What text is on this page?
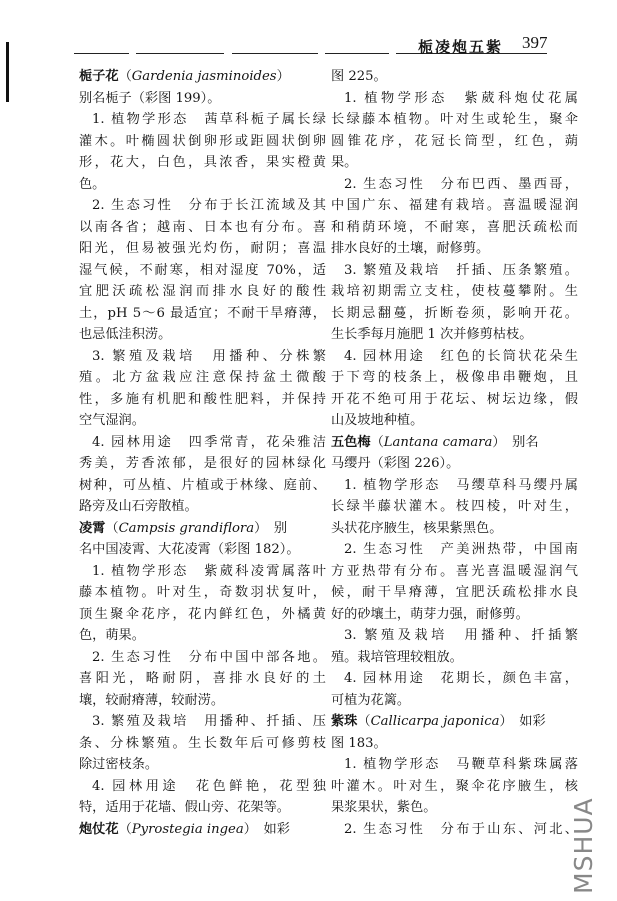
栀凌炮五紫 397
栀子花（Gardenia jasminoides）
别名栀子（彩图 199）。
1. 植物学形态　茜草科栀子属长绿
灌木。叶椭圆状倒卵形或距圆状倒卵
形，花大，白色，具浓香，果实橙黄
色。
2. 生态习性　分布于长江流域及其
以南各省；越南、日本也有分布。喜
阳光，但易被强光灼伤，耐阴；喜温
湿气候，不耐寒，相对湿度 70%，适
宜肥沃疏松湿润而排水良好的酸性
土，pH 5～6 最适宜；不耐干旱瘠薄，
也忌低洼积涝。
3. 繁殖及栽培　用播种、分株繁
殖。北方盆栽应注意保持盆土微酸
性，多施有机肥和酸性肥料，并保持
空气湿润。
4. 园林用途　四季常青，花朵雅洁
秀美，芳香浓郁，是很好的园林绿化
树种，可丛植、片植或于林缘、庭前、
路旁及山石旁散植。
凌霄（Campsis grandiflora）　别
名中国凌霄、大花凌霄（彩图 182）。
1. 植物学形态　紫葳科凌霄属落叶
藤本植物。叶对生，奇数羽状复叶，
顶生聚伞花序，花内鲜红色，外橘黄
色，萌果。
2. 生态习性　分布中国中部各地。
喜阳光，略耐阴，喜排水良好的土
壤，较耐瘠薄，较耐涝。
3. 繁殖及栽培　用播种、扦插、压
条、分株繁殖。生长数年后可修剪枝
除过密枝条。
4. 园林用途　花色鲜艳，花型独
特，适用于花墙、假山旁、花架等。
炮仗花（Pyrostegia ingea）　如彩
图 225。
1. 植物学形态　紫葳科炮仗花属
长绿藤本植物。叶对生或轮生，聚伞
圆锥花序，花冠长筒型，红色，蒴
果。
2. 生态习性　分布巴西、墨西哥，
中国广东、福建有栽培。喜温暖湿润
和稍荫环境，不耐寒，喜肥沃疏松而
排水良好的土壤，耐修剪。
3. 繁殖及栽培　扦插、压条繁殖。
栽培初期需立支柱，使枝蔓攀附。生
长期忌翻蔓，折断卷须，影响开花。
生长季每月施肥 1 次并修剪枯枝。
4. 园林用途　红色的长筒状花朵生
于下弯的枝条上，极像串串鞭炮，且
开花不绝可用于花坛、树坛边缘，假
山及坡地种植。
五色梅（Lantana camara）　别名
马缨丹（彩图 226）。
1. 植物学形态　马缨草科马缨丹属
长绿半藤状灌木。枝四棱，叶对生，
头状花序腋生，核果紫黑色。
2. 生态习性　产美洲热带，中国南
方亚热带有分布。喜光喜温暖湿润气
候，耐干旱瘠薄，宜肥沃疏松排水良
好的砂壤土，萌芽力强，耐修剪。
3. 繁殖及栽培　用播种、扦插繁
殖。栽培管理较粗放。
4. 园林用途　花期长，颜色丰富，
可植为花篱。
紫珠（Callicarpa japonica）　如彩
图 183。
1. 植物学形态　马鞭草科紫珠属落
叶灌木。叶对生，聚伞花序腋生，核
果浆果状，紫色。
2. 生态习性　分布于山东、河北、
MSHUA
